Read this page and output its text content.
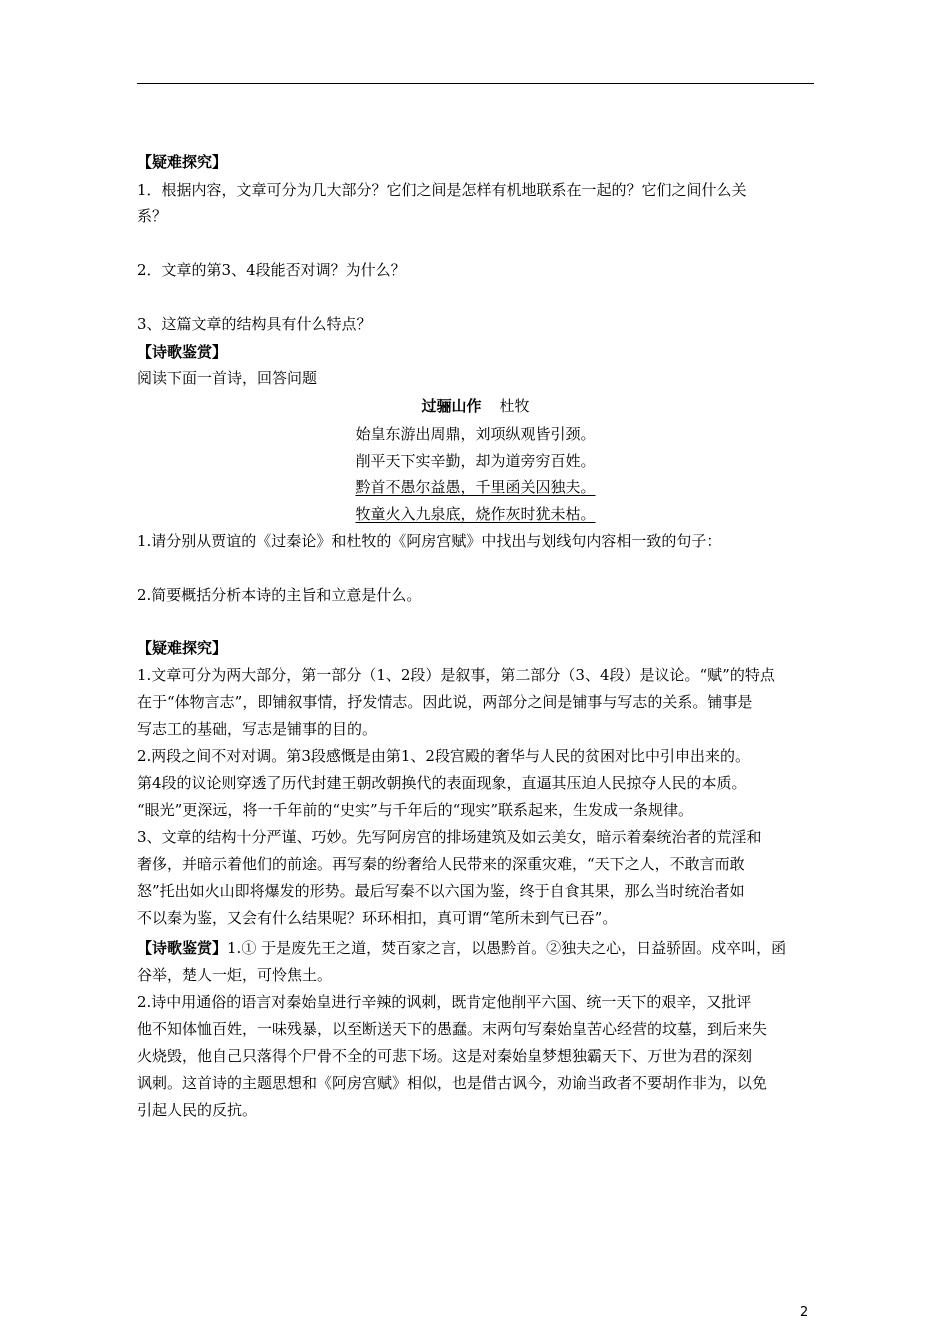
【疑难探究】
1．根据内容，文章可分为几大部分？它们之间是怎样有机地联系在一起的？它们之间什么关
系？
2．文章的第3、4段能否对调？为什么？
3、这篇文章的结构具有什么特点？
【诗歌鉴赏】
阅读下面一首诗，回答问题
过骊山作 杜牧
始皇东游出周鼎，刘项纵观皆引颈。
削平天下实辛勤，却为道旁穷百姓。
黔首不愚尔益愚，千里函关囚独夫。
牧童火入九泉底，烧作灰时犹未枯。
1.请分别从贾谊的《过秦论》和杜牧的《阿房宫赋》中找出与划线句内容相一致的句子：
2.简要概括分析本诗的主旨和立意是什么。
【疑难探究】
1.文章可分为两大部分，第一部分（1、2段）是叙事，第二部分（3、4段）是议论。“赋”的特点
在于“体物言志”，即铺叙事情，抒发情志。因此说，两部分之间是铺事与写志的关系。铺事是
写志工的基础，写志是铺事的目的。
2.两段之间不对对调。第3段感慨是由第1、2段宫殿的奢华与人民的贫困对比中引申出来的。
第4段的议论则穿透了历代封建王朝改朝换代的表面现象，直逼其压迫人民掠夺人民的本质。
“眼光”更深远，将一千年前的“史实”与千年后的“现实”联系起来，生发成一条规律。
3、文章的结构十分严谨、巧妙。先写阿房宫的排场建筑及如云美女，暗示着秦统治者的荒淫和
奢侈，并暗示着他们的前途。再写秦的纷奢给人民带来的深重灾难，“天下之人，不敢言而敢
怒”托出如火山即将爆发的形势。最后写秦不以六国为鉴，终于自食其果，那么当时统治者如
不以秦为鉴，又会有什么结果呢？环环相扣，真可谓“笔所未到气已吞”。
【诗歌鉴赏】1.① 于是废先王之道，焚百家之言，以愚黔首。②独夫之心，日益骄固。戍卒叫，函
谷举，楚人一炬，可怜焦土。
2.诗中用通俗的语言对秦始皇进行辛辣的讽刺，既肯定他削平六国、统一天下的艰辛，又批评
他不知体恤百姓，一味残暴，以至断送天下的愚蠢。末两句写秦始皇苦心经营的坟墓，到后来失
火烧毁，他自己只落得个尸骨不全的可悲下场。这是对秦始皇梦想独霸天下、万世为君的深刻
讽刺。这首诗的主题思想和《阿房宫赋》相似，也是借古讽今，劝谕当政者不要胡作非为，以免
引起人民的反抗。
2
